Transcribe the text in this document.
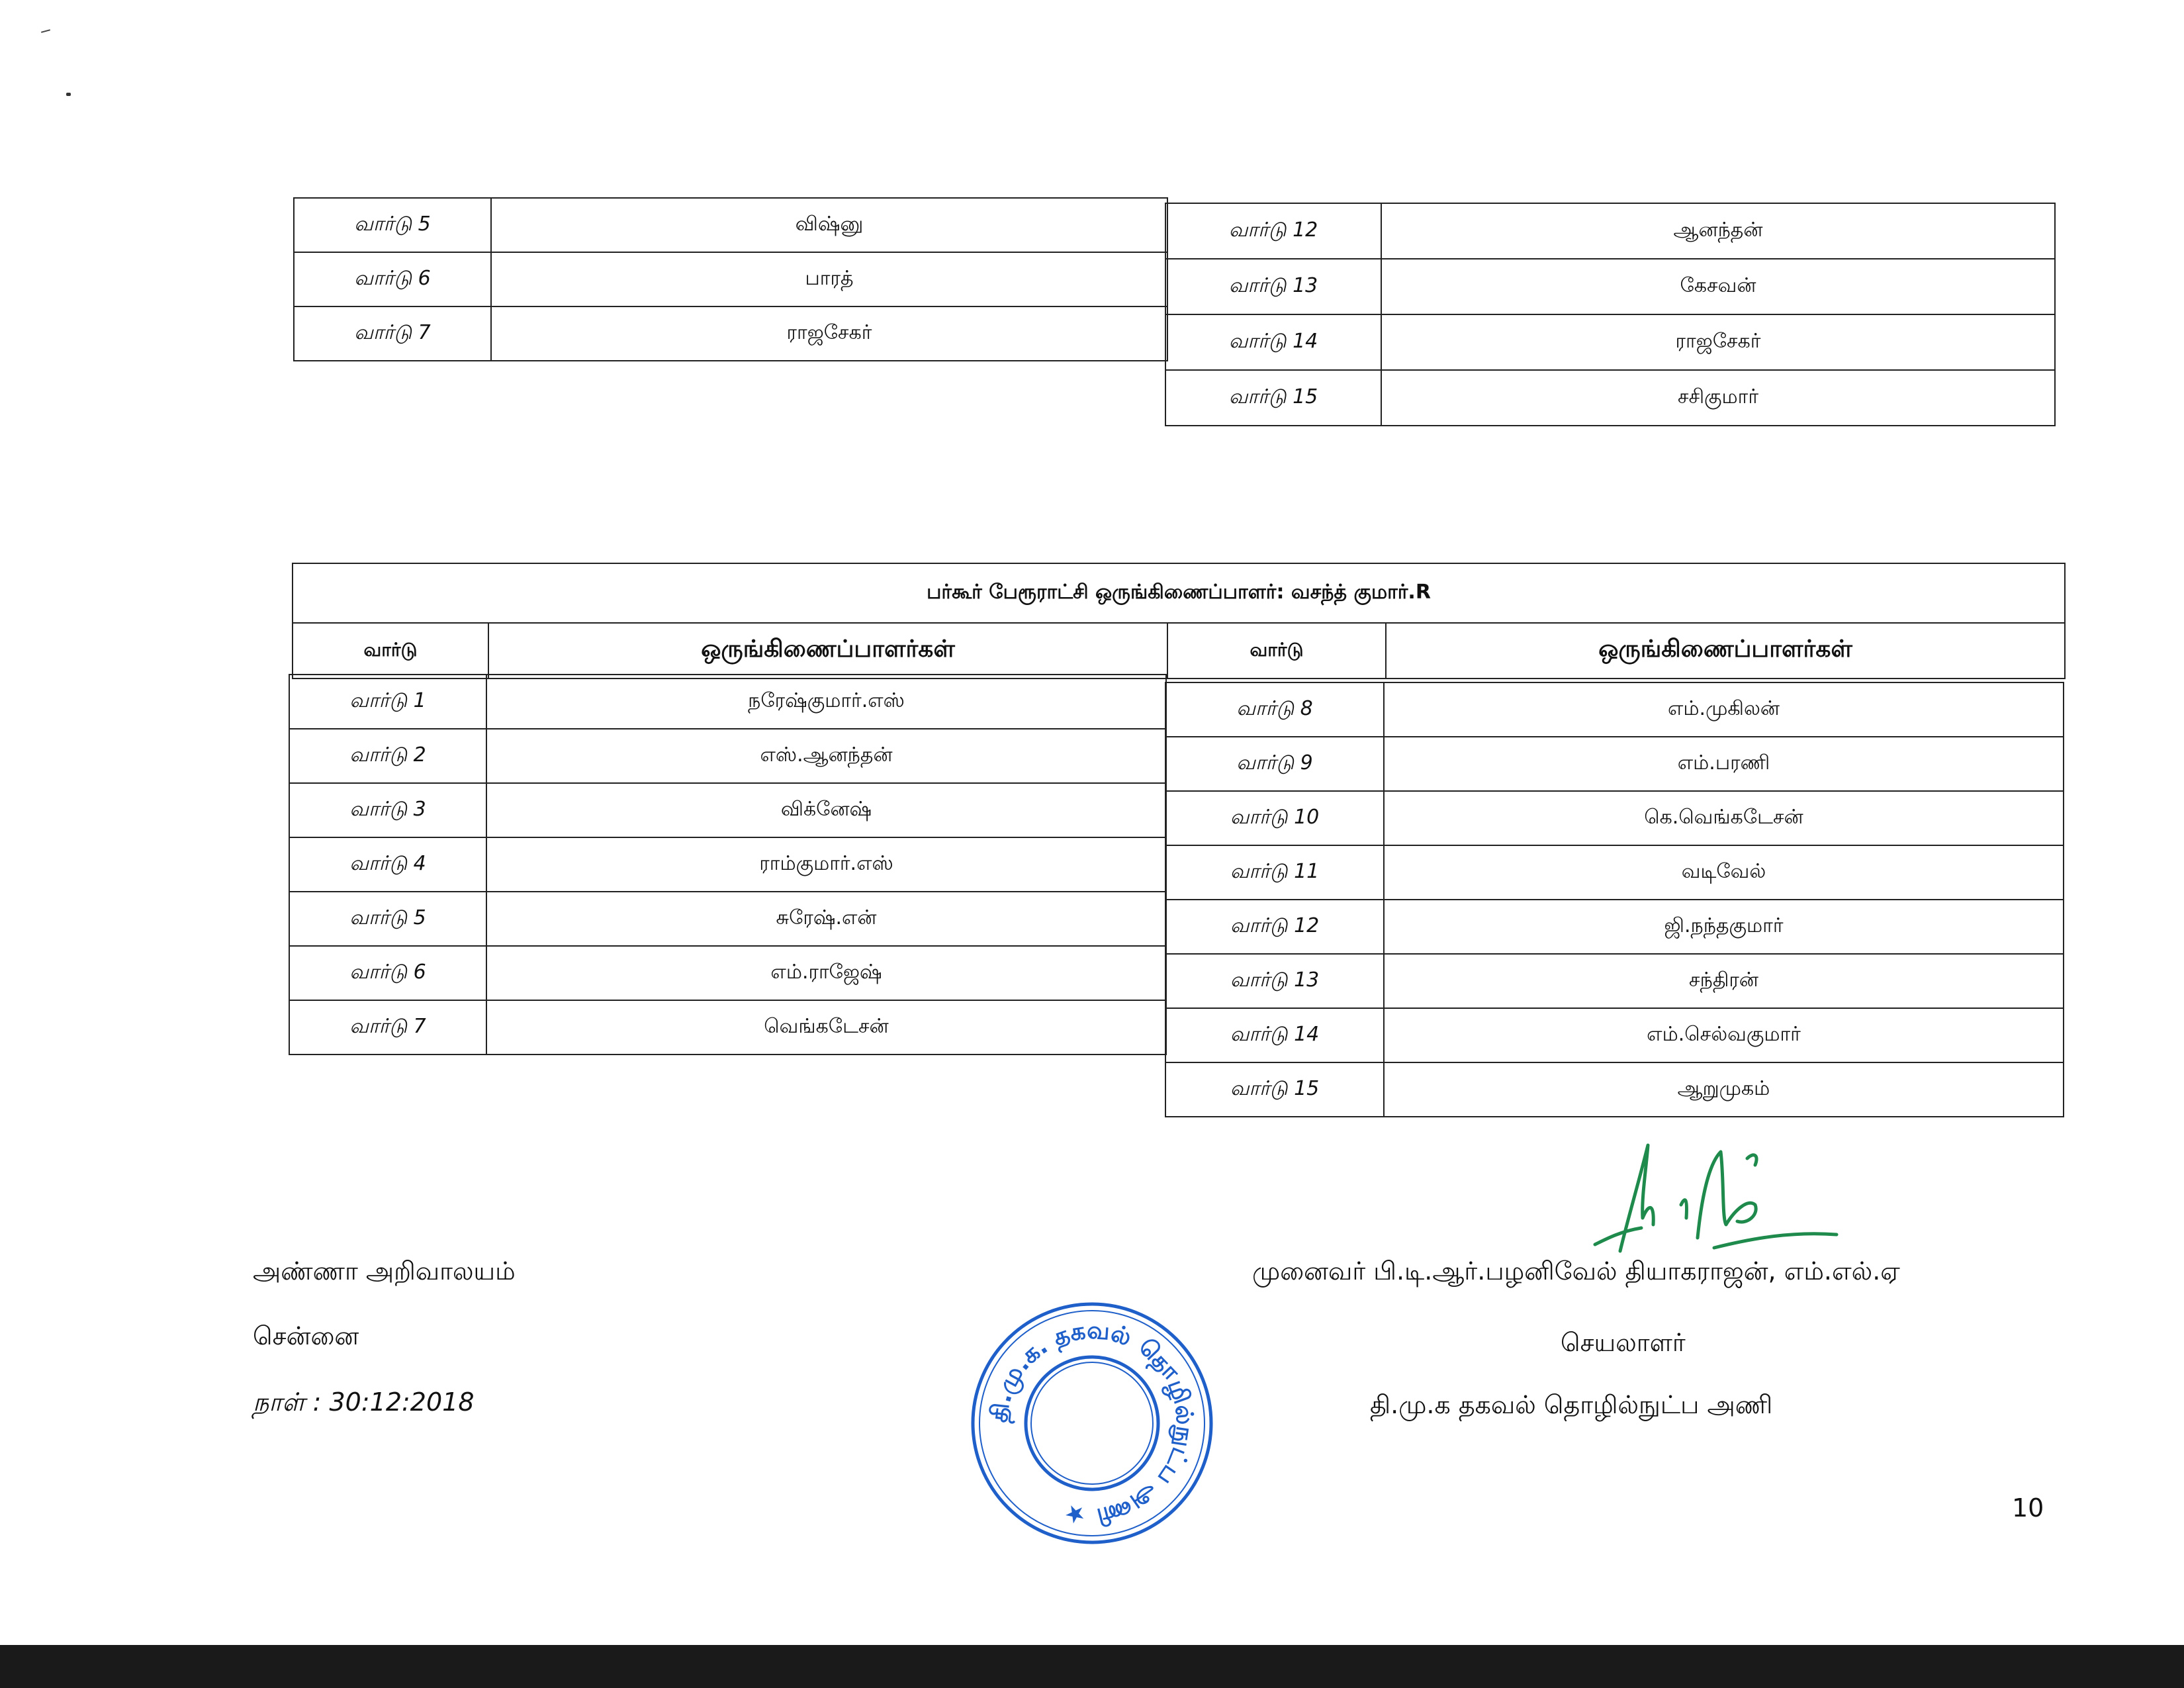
வார்டு 5	விஷ்னு
வார்டு 6	பாரத்
வார்டு 7	ராஜசேகர்
வார்டு 12	ஆனந்தன்
வார்டு 13	கேசவன்
வார்டு 14	ராஜசேகர்
வார்டு 15	சசிகுமார்
பர்கூர் பேரூராட்சி ஒருங்கிணைப்பாளர்: வசந்த் குமார்.R
வார்டு	ஒருங்கிணைப்பாளர்கள்	வார்டு	ஒருங்கிணைப்பாளர்கள்
வார்டு 1	நரேஷ்குமார்.எஸ்
வார்டு 2	எஸ்.ஆனந்தன்
வார்டு 3	விக்னேஷ்
வார்டு 4	ராம்குமார்.எஸ்
வார்டு 5	சுரேஷ்.என்
வார்டு 6	எம்.ராஜேஷ்
வார்டு 7	வெங்கடேசன்
வார்டு 8	எம்.முகிலன்
வார்டு 9	எம்.பரணி
வார்டு 10	கெ.வெங்கடேசன்
வார்டு 11	வடிவேல்
வார்டு 12	ஜி.நந்தகுமார்
வார்டு 13	சந்திரன்
வார்டு 14	எம்.செல்வகுமார்
வார்டு 15	ஆறுமுகம்
அண்ணா அறிவாலயம்
சென்னை
நாள் : 30:12:2018
முனைவர் பி.டி.ஆர்.பழனிவேல் தியாகராஜன், எம்.எல்.ஏ
செயலாளர்
தி.மு.க தகவல் தொழில்நுட்ப அணி
தி.மு.க. தகவல் தொழில்நுட்ப அணி ★	10
